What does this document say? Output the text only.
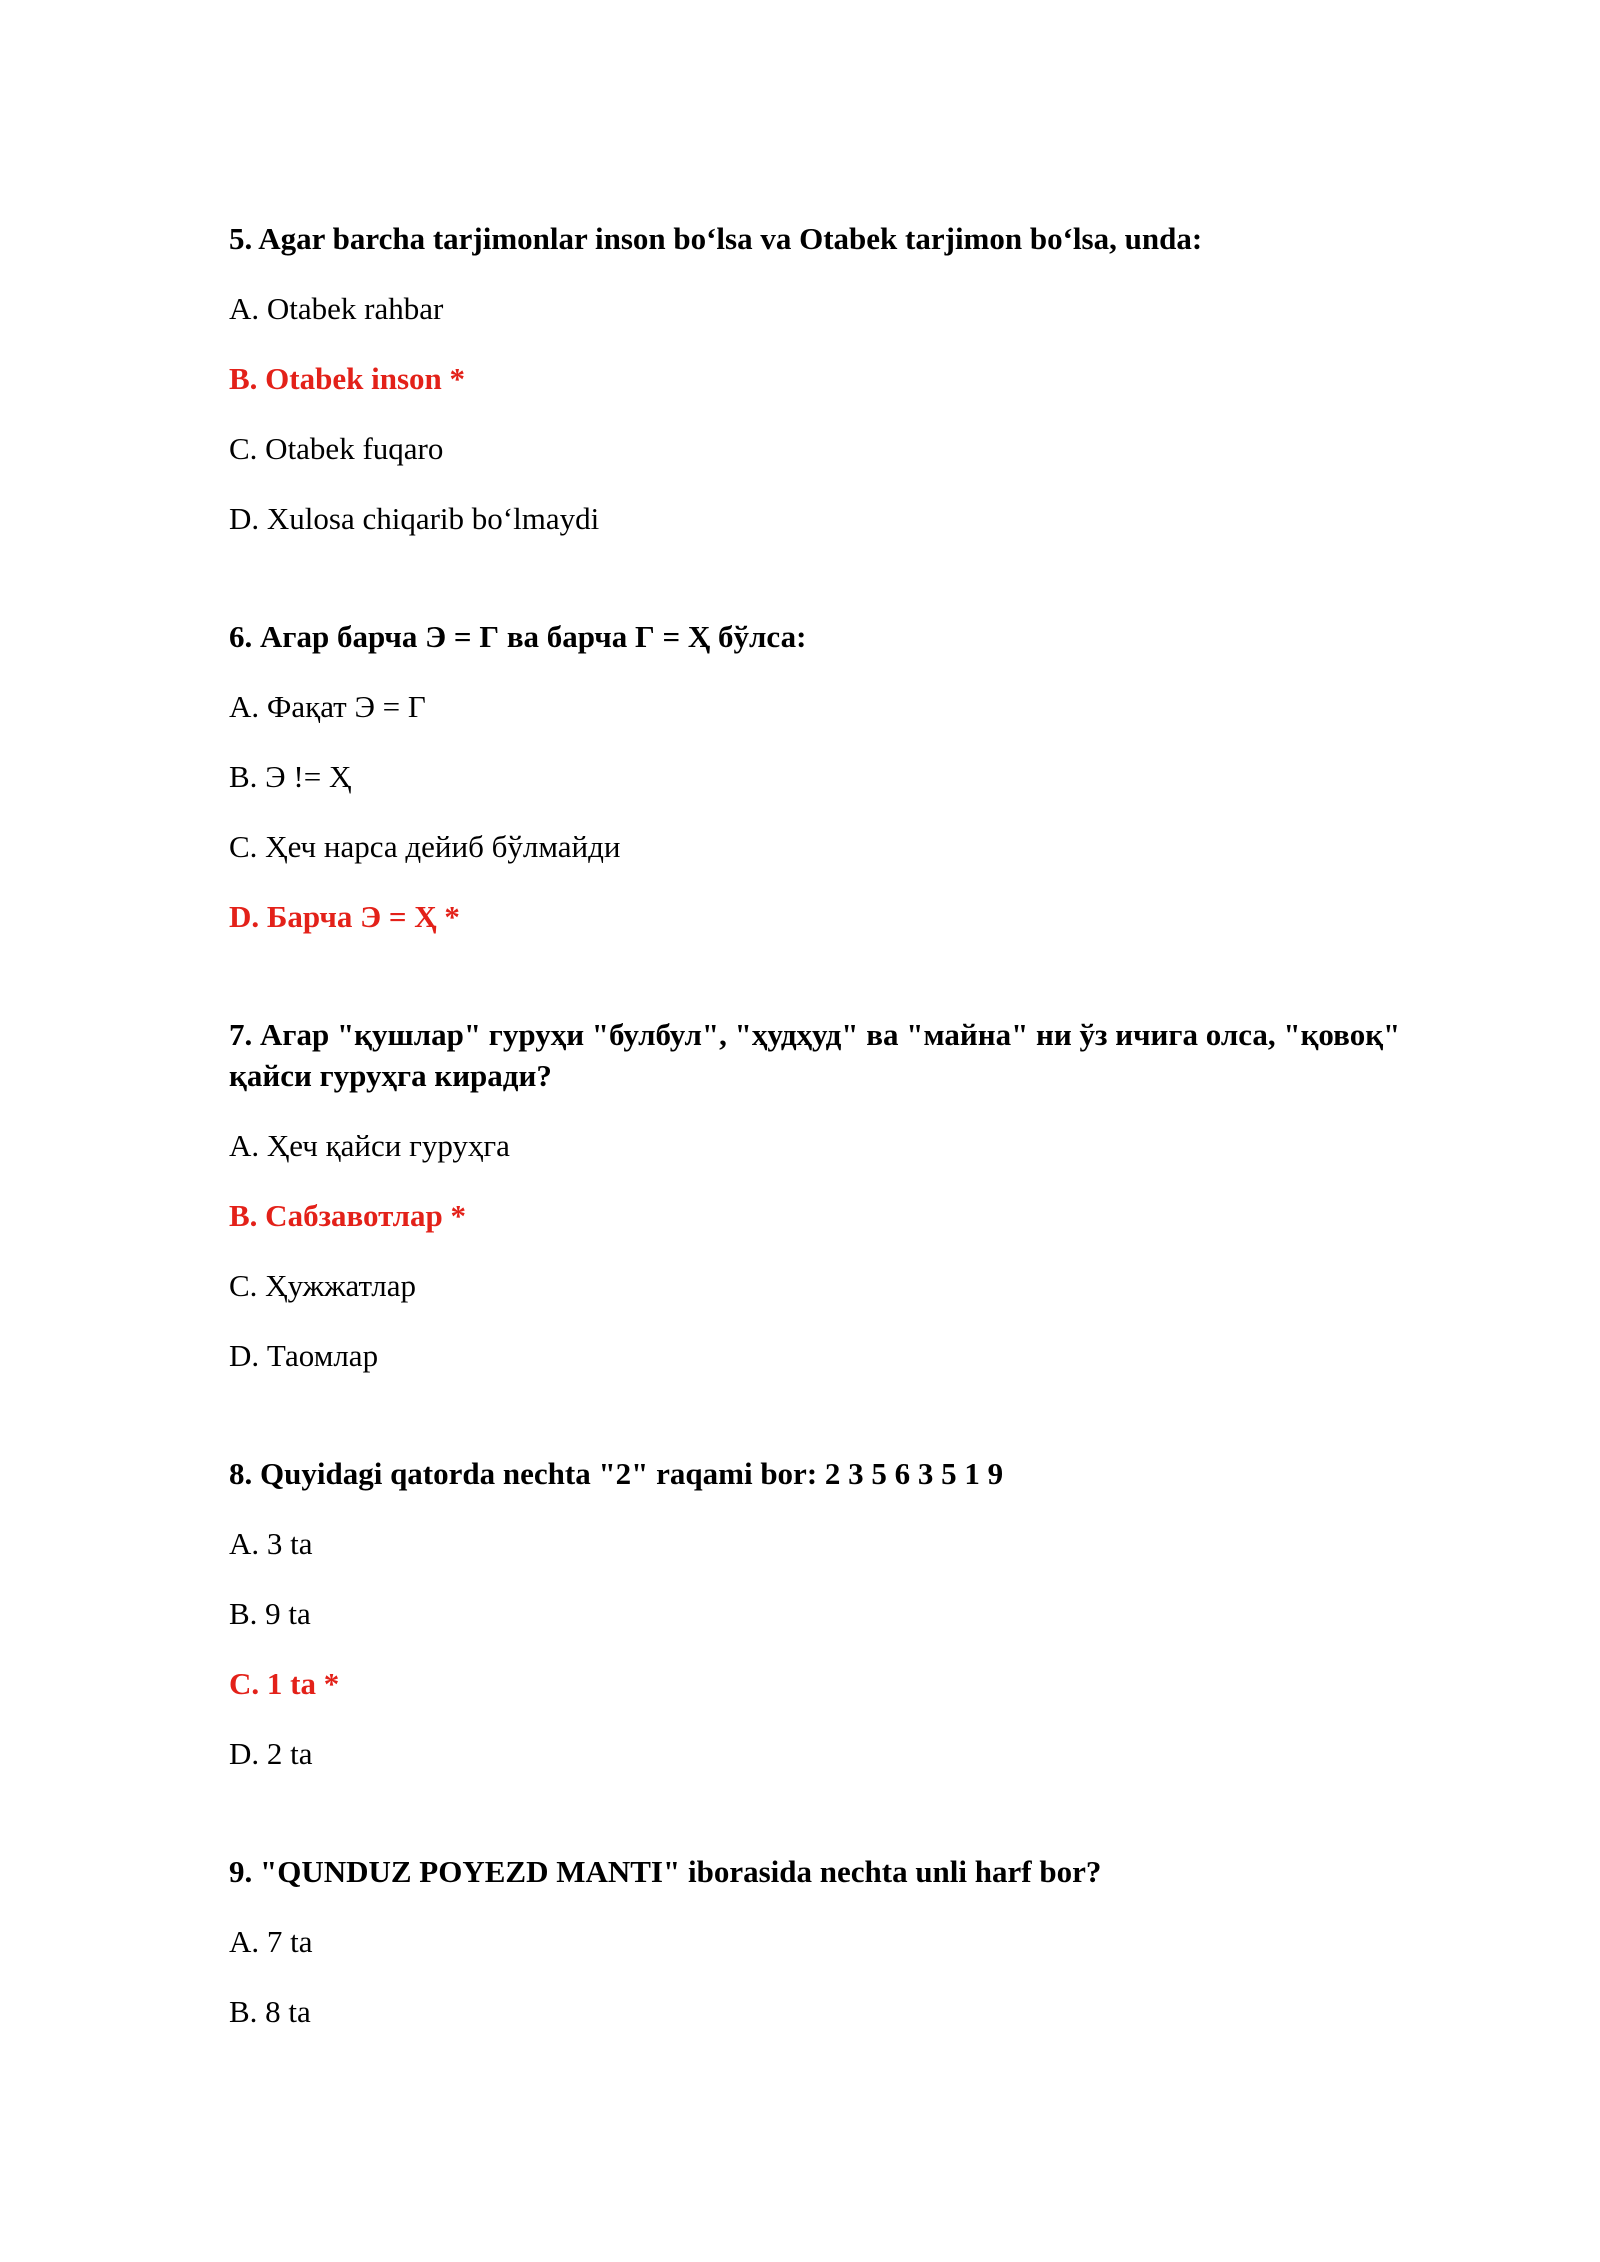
5. Agar barcha tarjimonlar inson bo‘lsa va Otabek tarjimon bo‘lsa, unda:
A. Otabek rahbar
B. Otabek inson *
C. Otabek fuqaro
D. Xulosa chiqarib bo‘lmaydi
6. Агар барча Э = Г ва барча Г = Ҳ бўлса:
A. Фақат Э = Г
B. Э != Ҳ
C. Ҳеч нарса дейиб бўлмайди
D. Барча Э = Ҳ *
7. Агар "қушлар" гуруҳи "булбул", "ҳудҳуд" ва "майна" ни ўз ичига олса, "қовоқ" қайси гуруҳга киради?
A. Ҳеч қайси гуруҳга
B. Сабзавотлар *
C. Ҳужжатлар
D. Таомлар
8. Quyidagi qatorda nechta "2" raqami bor: 2 3 5 6 3 5 1 9
A. 3 ta
B. 9 ta
C. 1 ta *
D. 2 ta
9. "QUNDUZ POYEZD MANTI" iborasida nechta unli harf bor?
A. 7 ta
B. 8 ta
